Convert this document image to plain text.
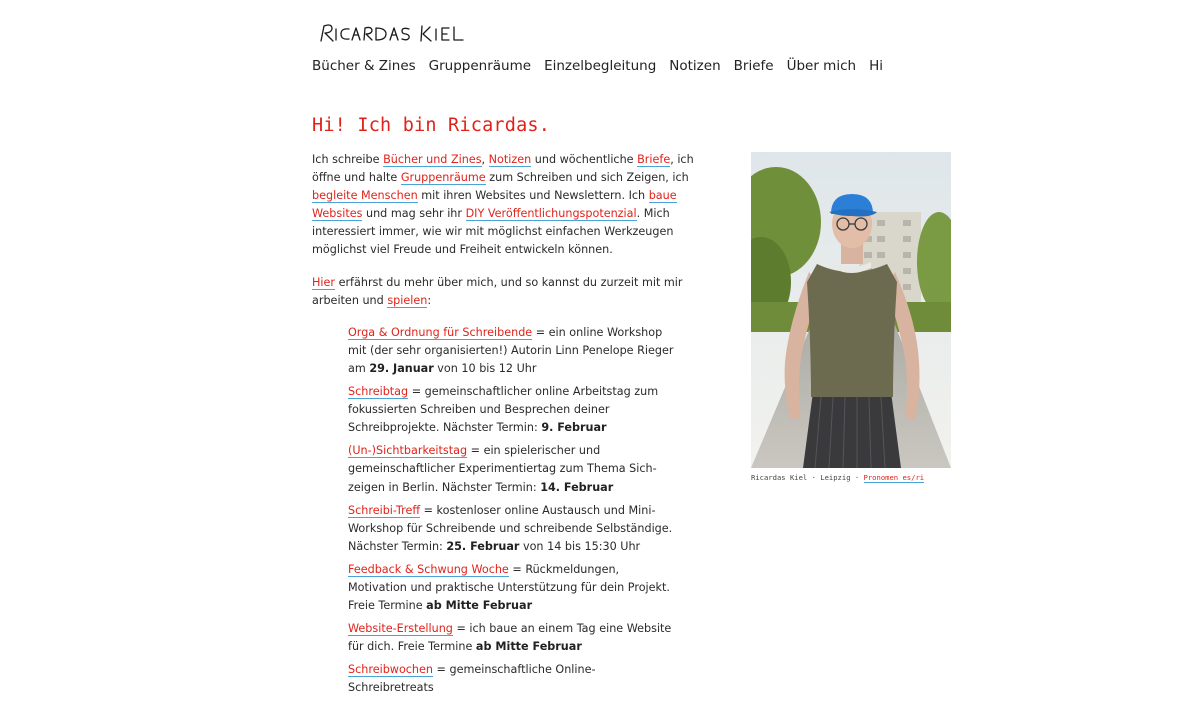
Bücher & Zines Gruppenräume Einzelbegleitung Notizen Briefe Über mich Hi
Hi! Ich bin Ricardas.

Ich schreibe Bücher und Zines, Notizen und wöchentliche Briefe, ich öffne und halte Gruppenräume zum Schreiben und sich Zeigen, ich begleite Menschen mit ihren Websites und Newslettern. Ich baue Websites und mag sehr ihr DIY Veröffentlichungspotenzial. Mich interessiert immer, wie wir mit möglichst einfachen Werkzeugen möglichst viel Freude und Freiheit entwickeln können.

Hier erfährst du mehr über mich, und so kannst du zurzeit mit mir arbeiten und spielen:

Orga & Ordnung für Schreibende = ein online Workshop mit (der sehr organisierten!) Autorin Linn Penelope Rieger am 29. Januar von 10 bis 12 Uhr
Schreibtag = gemeinschaftlicher online Arbeitstag zum fokussierten Schreiben und Besprechen deiner Schreibprojekte. Nächster Termin: 9. Februar
(Un-)Sichtbarkeitstag = ein spielerischer und gemeinschaftlicher Experimentiertag zum Thema Sich-zeigen in Berlin. Nächster Termin: 14. Februar
Schreibi-Treff = kostenloser online Austausch und Mini-Workshop für Schreibende und schreibende Selbständige. Nächster Termin: 25. Februar von 14 bis 15:30 Uhr
Feedback & Schwung Woche = Rückmeldungen, Motivation und praktische Unterstützung für dein Projekt. Freie Termine ab Mitte Februar
Website-Erstellung = ich baue an einem Tag eine Website für dich. Freie Termine ab Mitte Februar
Schreibwochen = gemeinschaftliche Online-Schreibretreats
Ricardas Kiel · Leipzig · Pronomen es/ri
